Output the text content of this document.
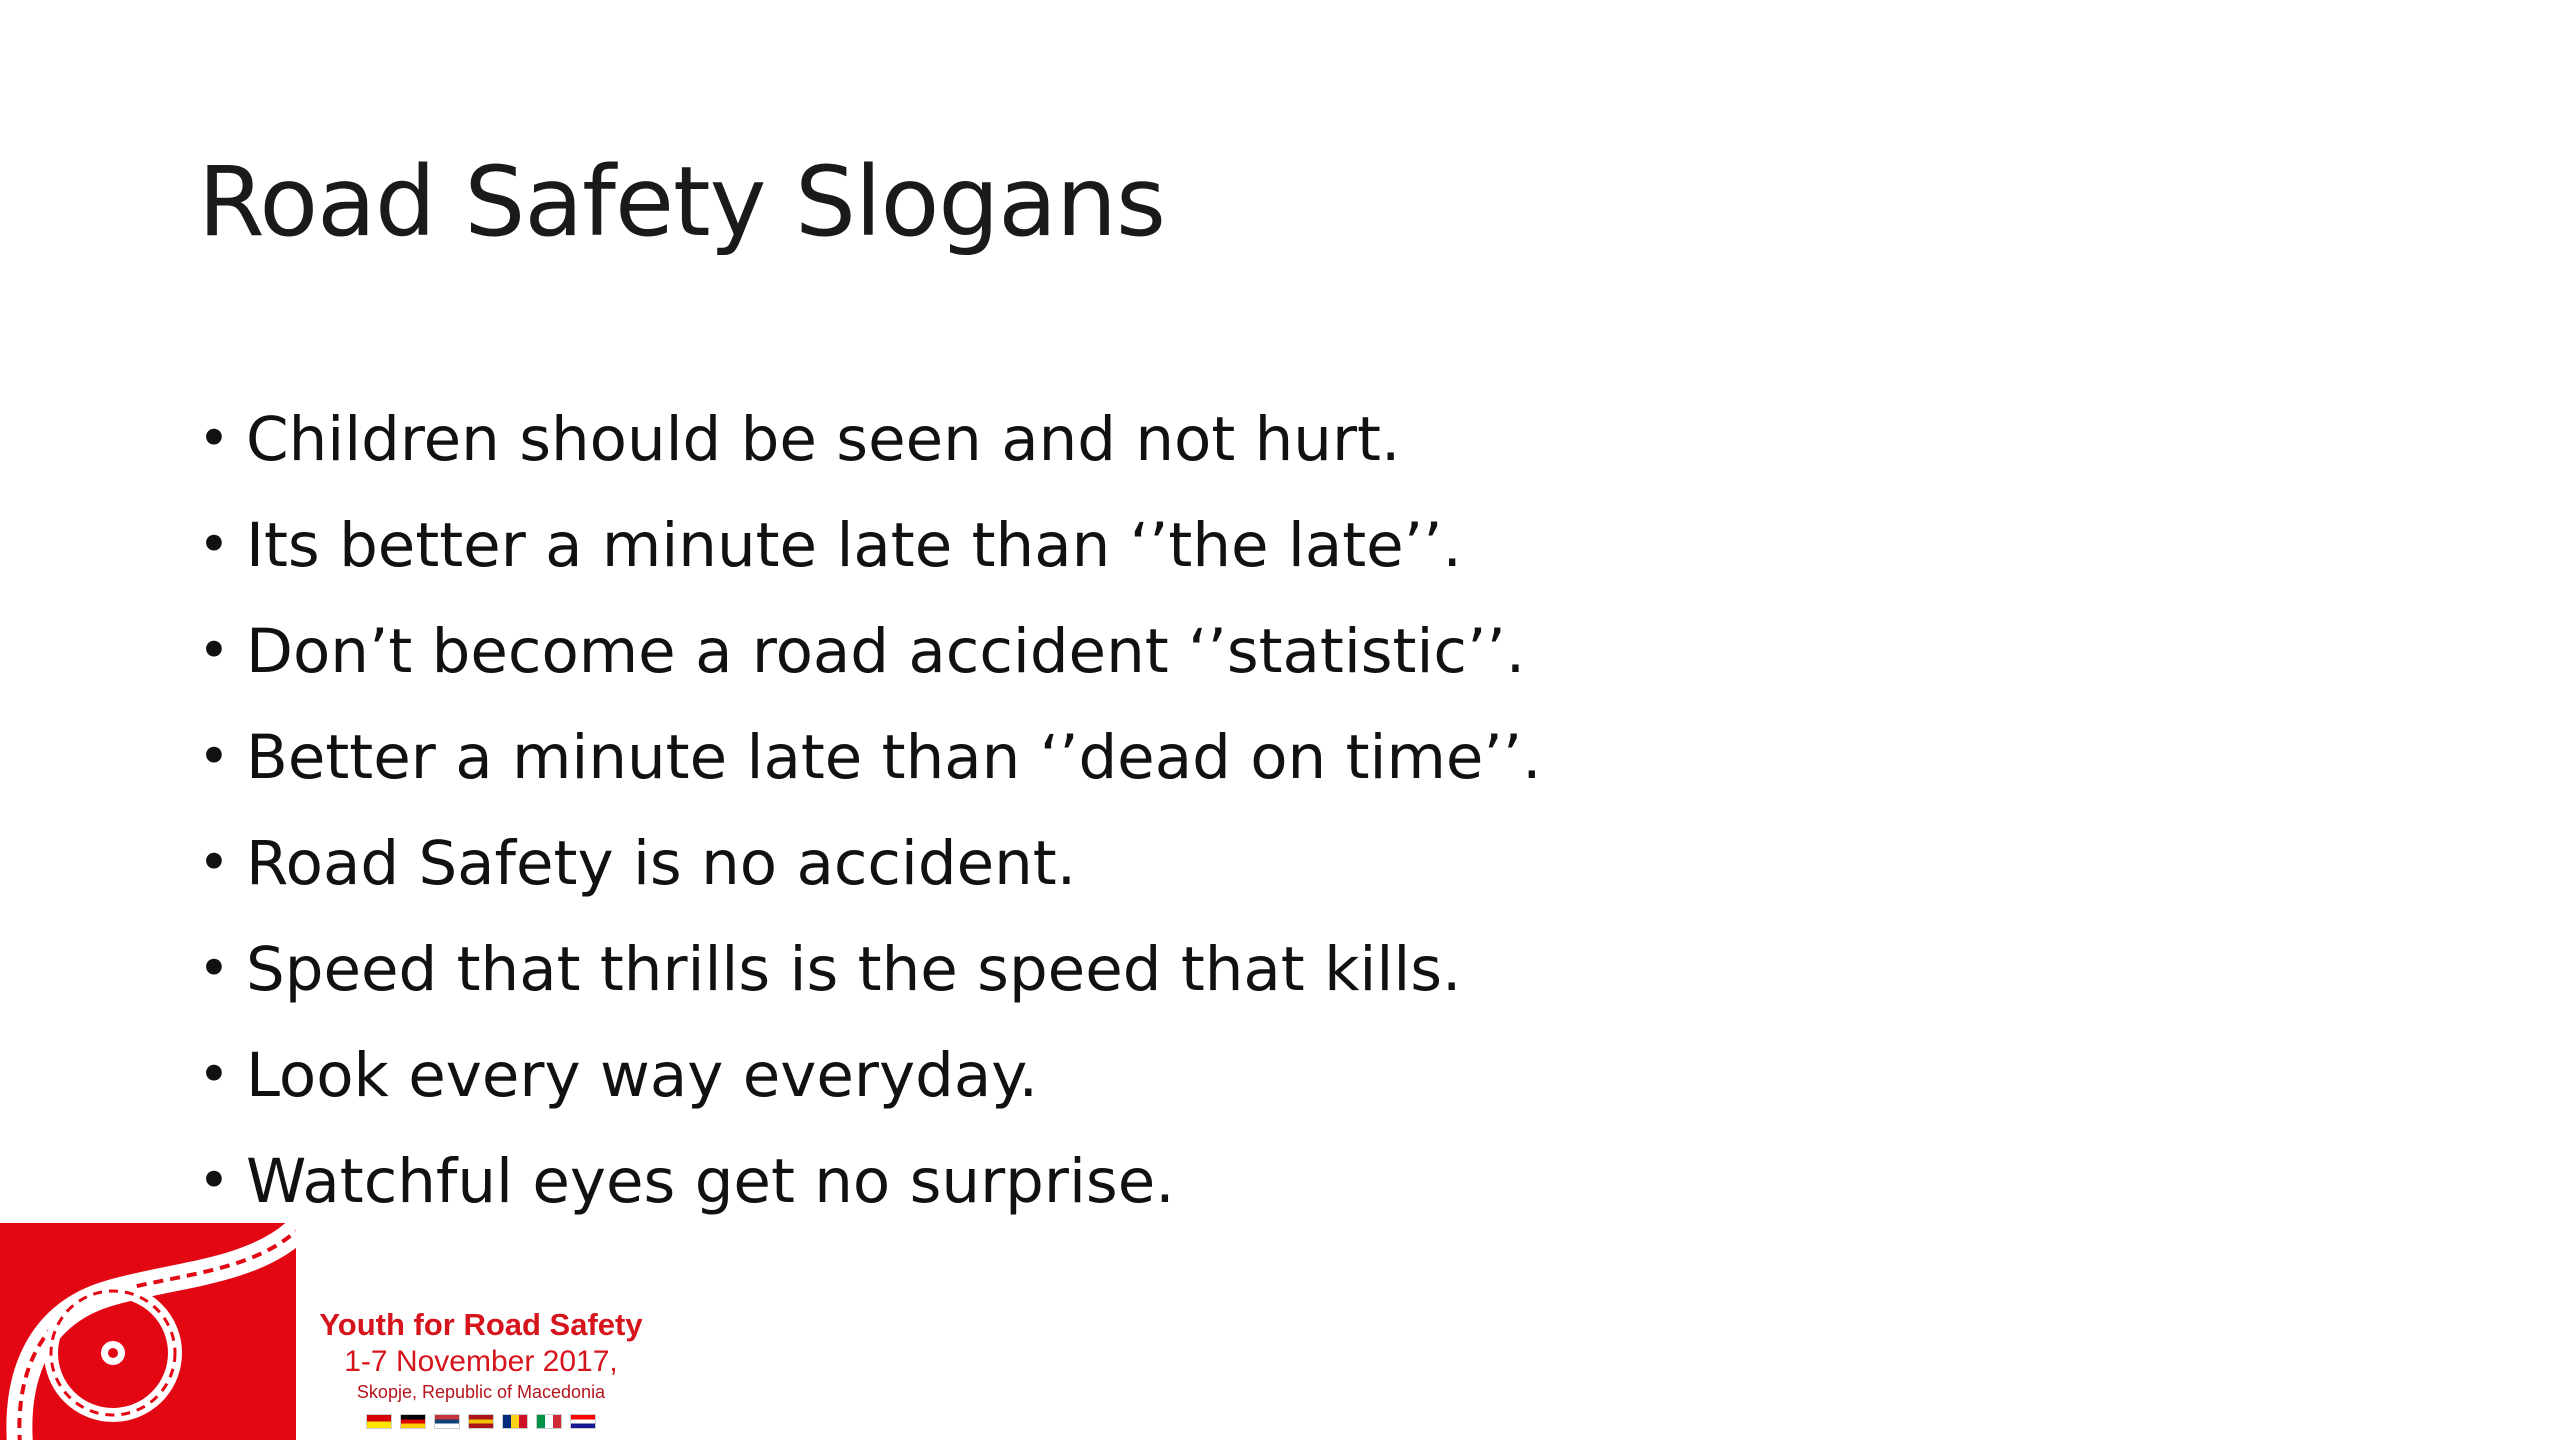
Road Safety Slogans
• Children should be seen and not hurt.
• Its better a minute late than ‘’the late’’.
• Don’t become a road accident ‘’statistic’’.
• Better a minute late than ‘’dead on time’’.
• Road Safety is no accident.
• Speed that thrills is the speed that kills.
• Look every way everyday.
• Watchful eyes get no surprise.
Youth for Road Safety
1-7 November 2017,
Skopje, Republic of Macedonia
